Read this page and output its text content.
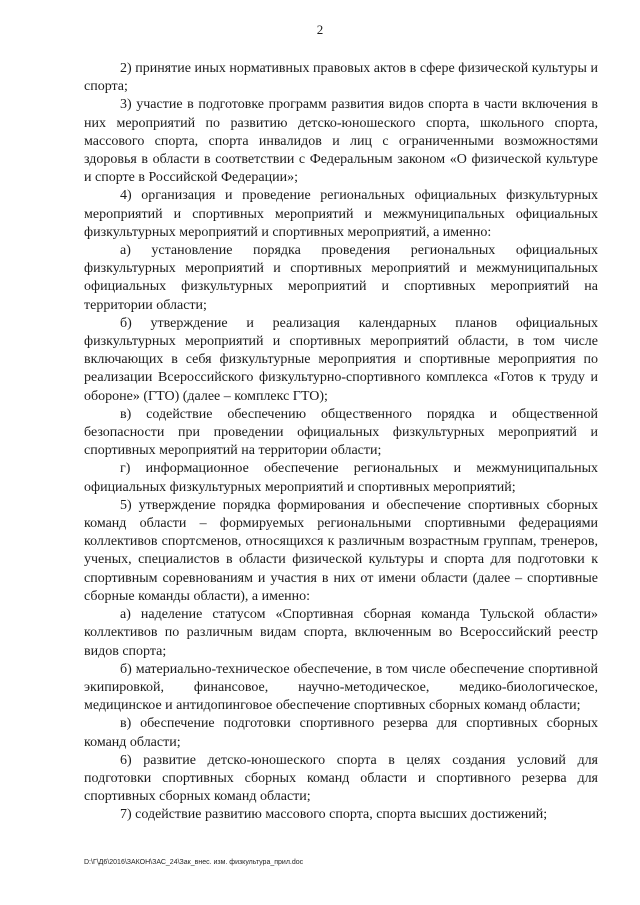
2

2) принятие иных нормативных правовых актов в сфере физической культуры и спорта;

3) участие в подготовке программ развития видов спорта в части включения в них мероприятий по развитию детско-юношеского спорта, школьного спорта, массового спорта, спорта инвалидов и лиц с ограниченными возможностями здоровья в области в соответствии с Федеральным законом «О физической культуре и спорте в Российской Федерации»;

4) организация и проведение региональных официальных физкультурных мероприятий и спортивных мероприятий и межмуниципальных официальных физкультурных мероприятий и спортивных мероприятий, а именно:

а) установление порядка проведения региональных официальных физкультурных мероприятий и спортивных мероприятий и межмуниципальных официальных физкультурных мероприятий и спортивных мероприятий на территории области;

б) утверждение и реализация календарных планов официальных физкультурных мероприятий и спортивных мероприятий области, в том числе включающих в себя физкультурные мероприятия и спортивные мероприятия по реализации Всероссийского физкультурно-спортивного комплекса «Готов к труду и обороне» (ГТО) (далее – комплекс ГТО);

в) содействие обеспечению общественного порядка и общественной безопасности при проведении официальных физкультурных мероприятий и спортивных мероприятий на территории области;

г) информационное обеспечение региональных и межмуниципальных официальных физкультурных мероприятий и спортивных мероприятий;

5) утверждение порядка формирования и обеспечение спортивных сборных команд области – формируемых региональными спортивными федерациями коллективов спортсменов, относящихся к различным возрастным группам, тренеров, ученых, специалистов в области физической культуры и спорта для подготовки к спортивным соревнованиям и участия в них от имени области (далее – спортивные сборные команды области), а именно:

а) наделение статусом «Спортивная сборная команда Тульской области» коллективов по различным видам спорта, включенным во Всероссийский реестр видов спорта;

б) материально-техническое обеспечение, в том числе обеспечение спортивной экипировкой, финансовое, научно-методическое, медико-биологическое, медицинское и антидопинговое обеспечение спортивных сборных команд области;

в) обеспечение подготовки спортивного резерва для спортивных сборных команд области;

6) развитие детско-юношеского спорта в целях создания условий для подготовки спортивных сборных команд области и спортивного резерва для спортивных сборных команд области;

7) содействие развитию массового спорта, спорта высших достижений;

D:\Г\Д6\2016\ЗАКОН\ЗАС_24\Зак_внес. изм. физкультура_прил.doc
